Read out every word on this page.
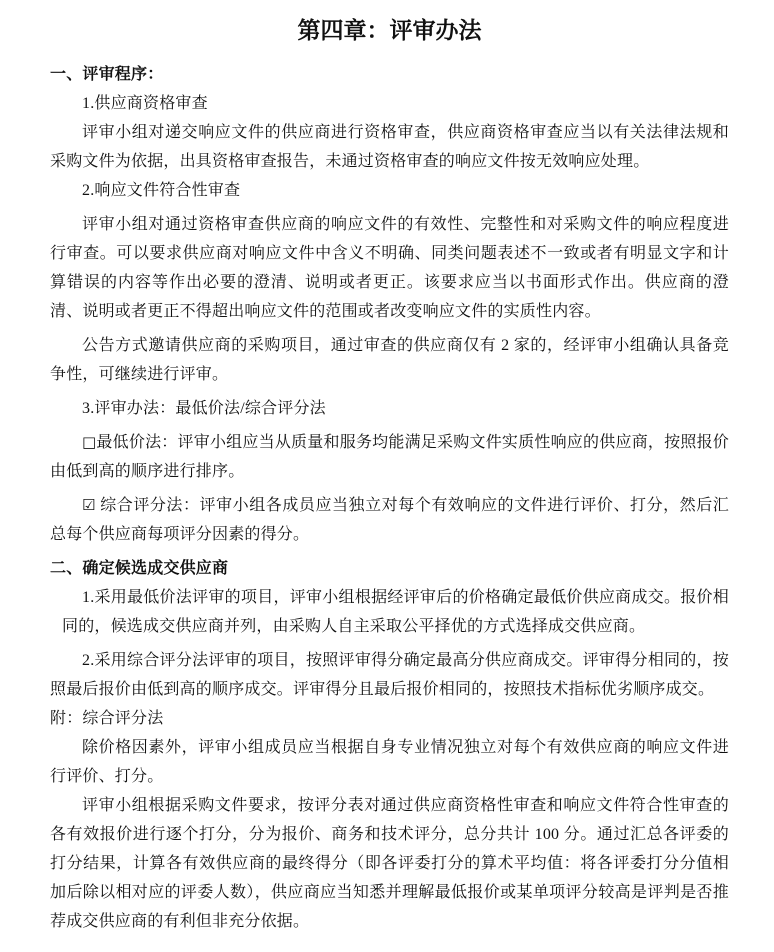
第四章：评审办法

一、评审程序：

1.供应商资格审查

评审小组对递交响应文件的供应商进行资格审查，供应商资格审查应当以有关法律法规和采购文件为依据，出具资格审查报告，未通过资格审查的响应文件按无效响应处理。

2.响应文件符合性审查

评审小组对通过资格审查供应商的响应文件的有效性、完整性和对采购文件的响应程度进行审查。可以要求供应商对响应文件中含义不明确、同类问题表述不一致或者有明显文字和计算错误的内容等作出必要的澄清、说明或者更正。该要求应当以书面形式作出。供应商的澄清、说明或者更正不得超出响应文件的范围或者改变响应文件的实质性内容。

公告方式邀请供应商的采购项目，通过审查的供应商仅有 2 家的，经评审小组确认具备竞争性，可继续进行评审。

3.评审办法：最低价法/综合评分法

□最低价法：评审小组应当从质量和服务均能满足采购文件实质性响应的供应商，按照报价由低到高的顺序进行排序。

☑ 综合评分法：评审小组各成员应当独立对每个有效响应的文件进行评价、打分，然后汇总每个供应商每项评分因素的得分。

二、确定候选成交供应商

1.采用最低价法评审的项目，评审小组根据经评审后的价格确定最低价供应商成交。报价相同的，候选成交供应商并列，由采购人自主采取公平择优的方式选择成交供应商。

2.采用综合评分法评审的项目，按照评审得分确定最高分供应商成交。评审得分相同的，按照最后报价由低到高的顺序成交。评审得分且最后报价相同的，按照技术指标优劣顺序成交。

附：综合评分法

除价格因素外，评审小组成员应当根据自身专业情况独立对每个有效供应商的响应文件进行评价、打分。

评审小组根据采购文件要求，按评分表对通过供应商资格性审查和响应文件符合性审查的各有效报价进行逐个打分，分为报价、商务和技术评分，总分共计 100 分。通过汇总各评委的打分结果，计算各有效供应商的最终得分（即各评委打分的算术平均值：将各评委打分分值相加后除以相对应的评委人数），供应商应当知悉并理解最低报价或某单项评分较高是评判是否推荐成交供应商的有利但非充分依据。
